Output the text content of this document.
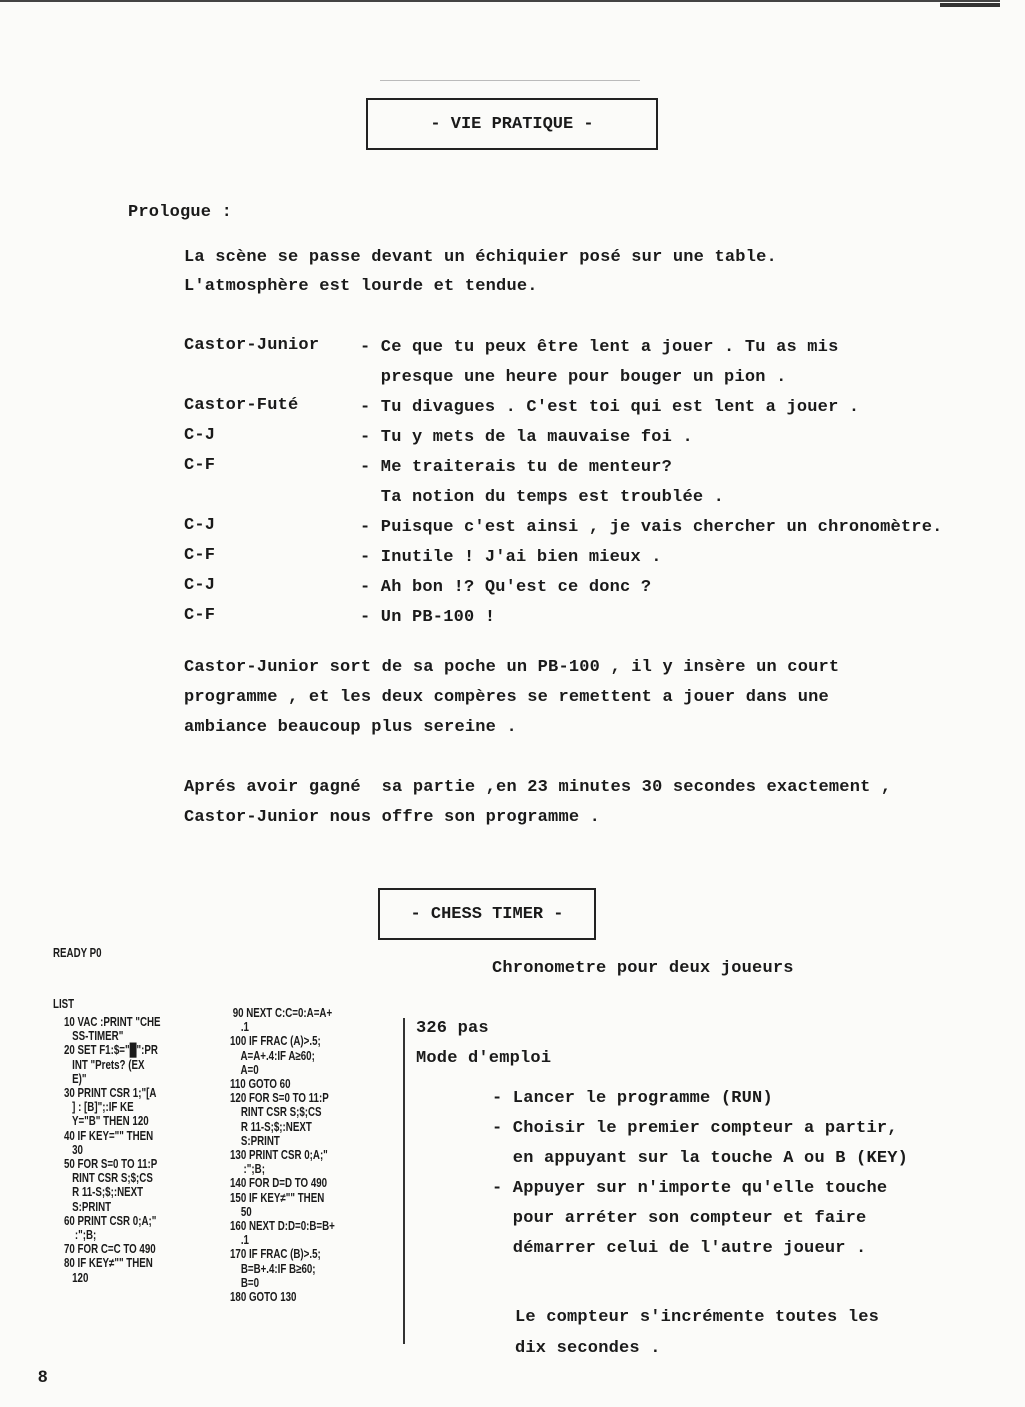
- VIE PRATIQUE -
Prologue :
La scène se passe devant un échiquier posé sur une table.
L'atmosphère est lourde et tendue.
Castor-Junior - Ce que tu peux être lent a jouer . Tu as mis
presque une heure pour bouger un pion .
Castor-Futé	- Tu divagues . C'est toi qui est lent a jouer .
C-J	- Tu y mets de la mauvaise foi .
C-F	- Me traiterais tu de menteur?
Ta notion du temps est troublée .
C-J	- Puisque c'est ainsi , je vais chercher un chronomètre.
C-F	- Inutile ! J'ai bien mieux .
C-J	- Ah bon !? Qu'est ce donc ?
C-F	- Un PB-100 !
Castor-Junior sort de sa poche un PB-100 , il y insère un court
programme , et les deux compères se remettent a jouer dans une
ambiance beaucoup plus sereine .
Aprés avoir gagné  sa partie ,en 23 minutes 30 secondes exactement ,
Castor-Junior nous offre son programme .
- CHESS TIMER -
Chronometre pour deux joueurs
READY P0
LIST
10 VAC :PRINT "CHE
SS-TIMER"
20 SET F1:$="█":PR
INT "Prets? (EX
E)"
30 PRINT CSR 1;"[A
] : [B]";:IF KE
Y="B" THEN 120
40 IF KEY="" THEN
30
50 FOR S=0 TO 11:P
RINT CSR S;$;CS
R 11-S;$;:NEXT
S:PRINT
60 PRINT CSR 0;A;"
:";B;
70 FOR C=C TO 490
80 IF KEY≠"" THEN
120
90 NEXT C:C=0:A=A+
.1
100 IF FRAC (A)>.5;
A=A+.4:IF A≥60;
A=0
110 GOTO 60
120 FOR S=0 TO 11:P
RINT CSR S;$;CS
R 11-S;$;:NEXT
S:PRINT
130 PRINT CSR 0;A;"
:";B;
140 FOR D=D TO 490
150 IF KEY≠"" THEN
50
160 NEXT D:D=0:B=B+
.1
170 IF FRAC (B)>.5;
B=B+.4:IF B≥60;
B=0
180 GOTO 130
326 pas
Mode d'emploi
- Lancer le programme (RUN)
- Choisir le premier compteur a partir,
en appuyant sur la touche A ou B (KEY)
- Appuyer sur n'importe qu'elle touche
pour arréter son compteur et faire
démarrer celui de l'autre joueur .
Le compteur s'incrémente toutes les
dix secondes .
8
